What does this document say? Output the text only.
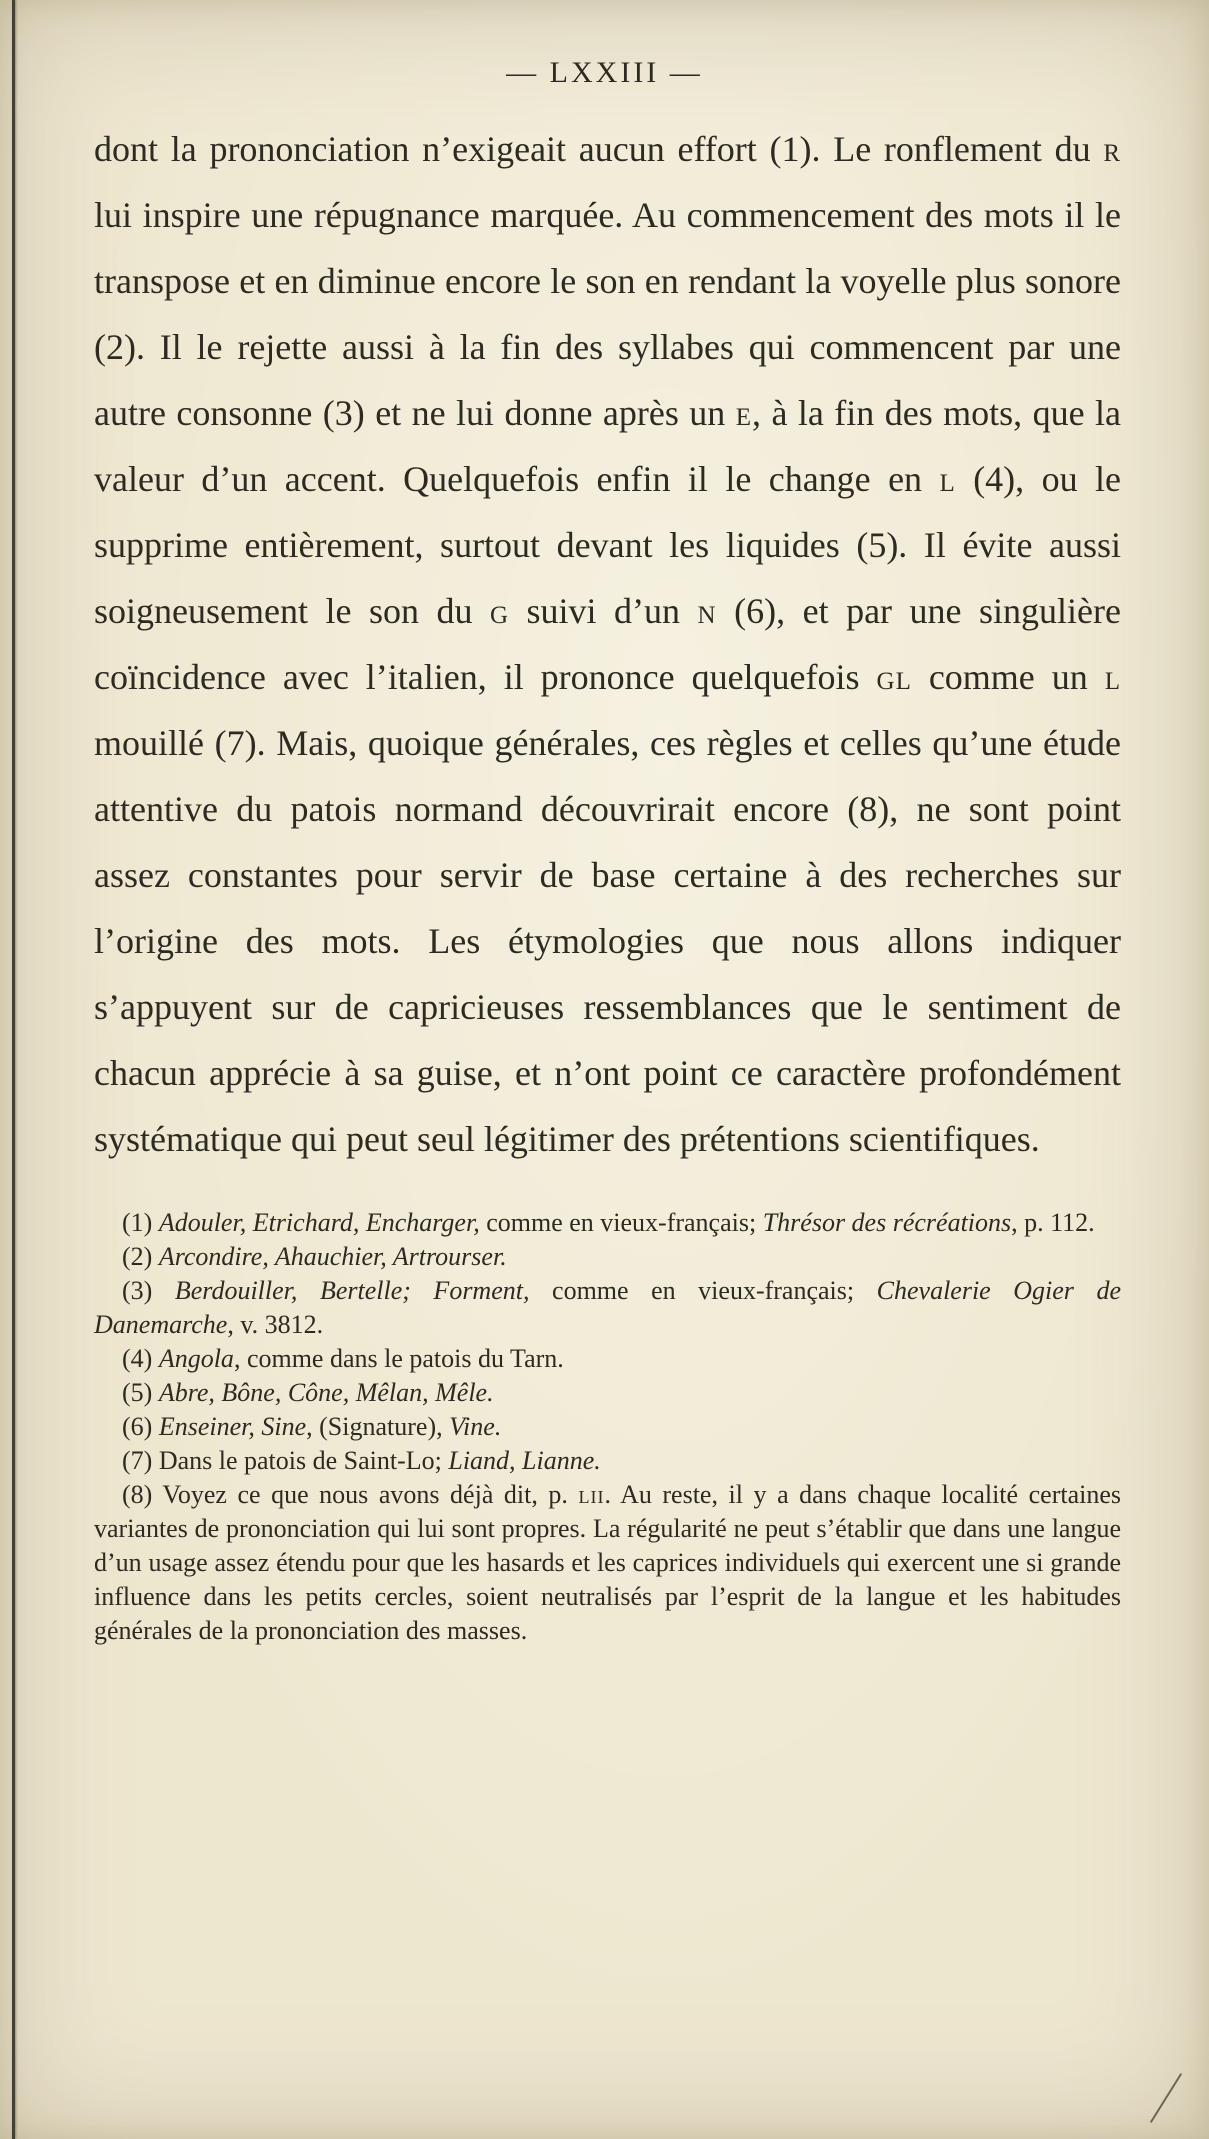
— LXXIII —

dont la prononciation n’exigeait aucun effort (1). Le ronflement du r lui inspire une répugnance marquée. Au commencement des mots il le transpose et en diminue encore le son en rendant la voyelle plus sonore (2). Il le rejette aussi à la fin des syllabes qui commencent par une autre consonne (3) et ne lui donne après un e, à la fin des mots, que la valeur d’un accent. Quelquefois enfin il le change en l (4), ou le supprime entièrement, surtout devant les liquides (5). Il évite aussi soigneusement le son du g suivi d’un n (6), et par une singulière coïncidence avec l’italien, il prononce quelquefois gl comme un l mouillé (7). Mais, quoique générales, ces règles et celles qu’une étude attentive du patois normand découvrirait encore (8), ne sont point assez constantes pour servir de base certaine à des recherches sur l’origine des mots. Les étymologies que nous allons indiquer s’appuyent sur de capricieuses ressemblances que le sentiment de chacun apprécie à sa guise, et n’ont point ce caractère profondément systématique qui peut seul légitimer des prétentions scientifiques.

(1) Adouler, Etrichard, Encharger, comme en vieux-français; Thrésor des récréations, p. 112.

(2) Arcondire, Ahauchier, Artrourser.

(3) Berdouiller, Bertelle; Forment, comme en vieux-français; Chevalerie Ogier de Danemarche, v. 3812.

(4) Angola, comme dans le patois du Tarn.

(5) Abre, Bône, Cône, Mêlan, Mêle.

(6) Enseiner, Sine, (Signature), Vine.

(7) Dans le patois de Saint-Lo; Liand, Lianne.

(8) Voyez ce que nous avons déjà dit, p. lii. Au reste, il y a dans chaque localité certaines variantes de prononciation qui lui sont propres. La régularité ne peut s’établir que dans une langue d’un usage assez étendu pour que les hasards et les caprices individuels qui exercent une si grande influence dans les petits cercles, soient neutralisés par l’esprit de la langue et les habitudes générales de la prononciation des masses.
